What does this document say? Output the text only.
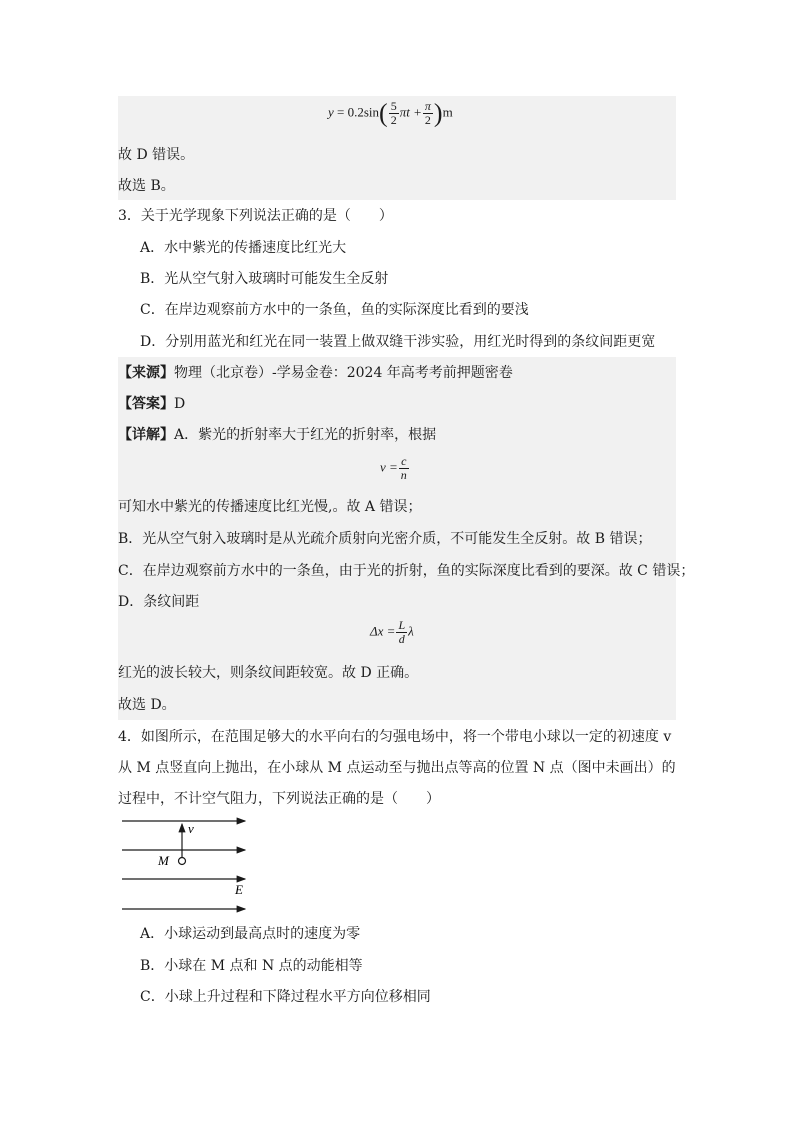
$y = 0.2\sin( \frac{5}{2}$ $\pi t + \frac{\pi}{2} )m$
故 D 错误。
故选 B。
3．关于光学现象下列说法正确的是（　　）
A．水中紫光的传播速度比红光大
B．光从空气射入玻璃时可能发生全反射
C．在岸边观察前方水中的一条鱼，鱼的实际深度比看到的要浅
D．分别用蓝光和红光在同一装置上做双缝干涉实验，用红光时得到的条纹间距更宽
【来源】物理（北京卷）-学易金卷：2024 年高考考前押题密卷
【答案】D
【详解】A．紫光的折射率大于红光的折射率，根据
$v = \frac{c}{n}$
可知水中紫光的传播速度比红光慢,。故 A 错误；
B．光从空气射入玻璃时是从光疏介质射向光密介质，不可能发生全反射。故 B 错误；
C．在岸边观察前方水中的一条鱼，由于光的折射，鱼的实际深度比看到的要深。故 C 错误；
D．条纹间距
$\Delta x = \frac{L}{d}$ λ
红光的波长较大，则条纹间距较宽。故 D 正确。
故选 D。
4．如图所示，在范围足够大的水平向右的匀强电场中，将一个带电小球以一定的初速度 v
从 M 点竖直向上抛出，在小球从 M 点运动至与抛出点等高的位置 N 点（图中未画出）的
过程中，不计空气阻力，下列说法正确的是（　　）
v
M
E
A．小球运动到最高点时的速度为零
B．小球在 M 点和 N 点的动能相等
C．小球上升过程和下降过程水平方向位移相同
